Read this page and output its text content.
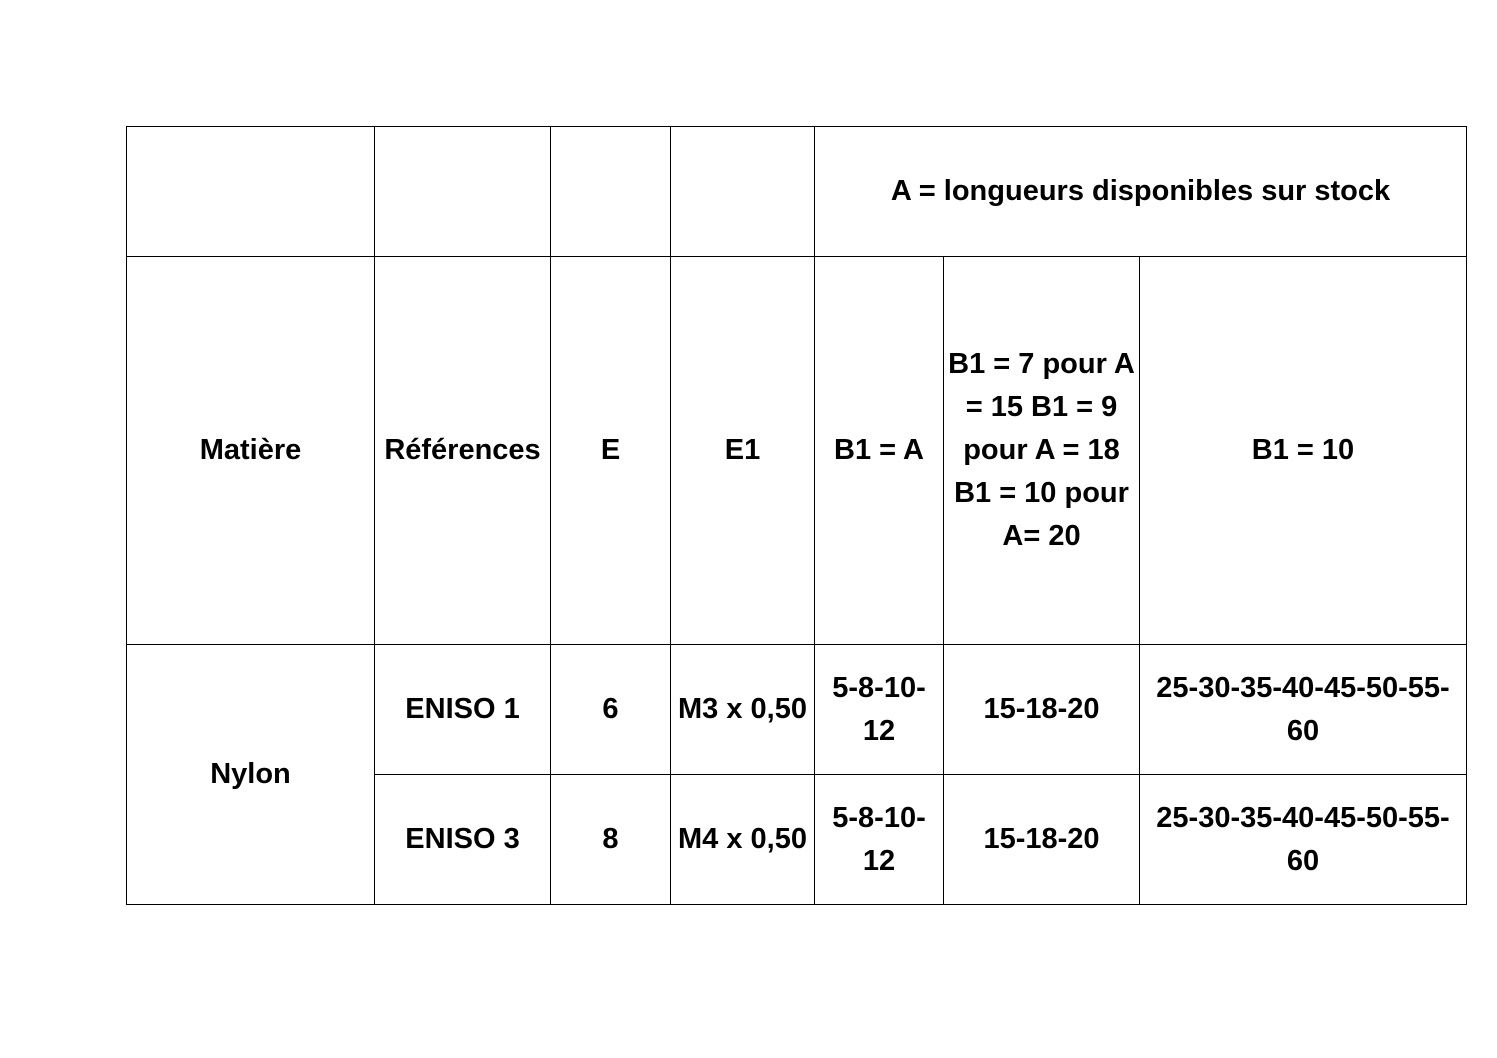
				A = longueurs disponibles sur stock		
Matière	Références	E	E1	B1 = A	B1 = 7 pour A = 15 B1 = 9 pour A = 18 B1 = 10 pour A= 20	B1 = 10
Nylon	ENISO 1	6	M3 x 0,50	5-8-10-12	15-18-20	25-30-35-40-45-50-55-60
	ENISO 3	8	M4 x 0,50	5-8-10-12	15-18-20	25-30-35-40-45-50-55-60
